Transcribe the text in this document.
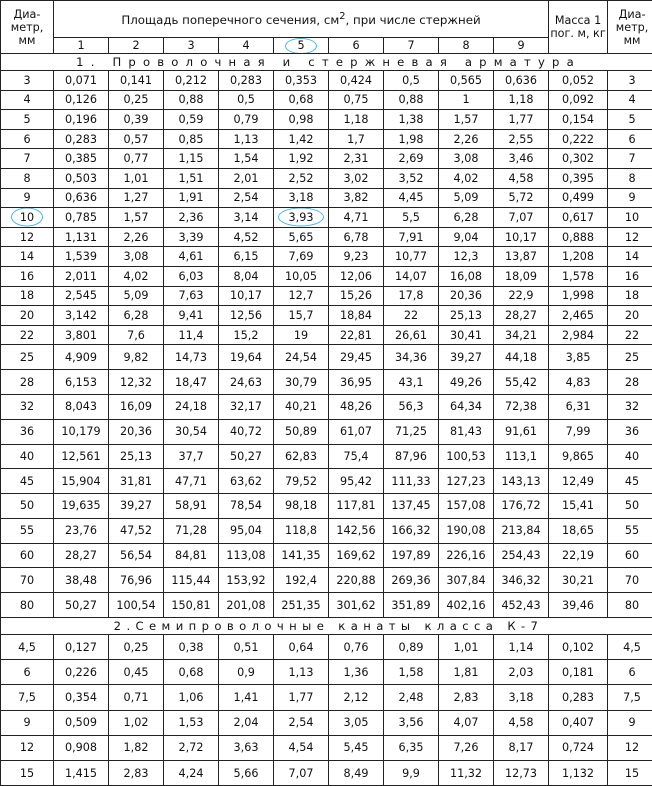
Диа-метр, мм	Площадь поперечного сечения, $см^2$, при числе стержней									Масса 1 пог. м, кг	Диа-метр, мм
	1	2	3	4	5	6	7	8	9		
1. Проволочная и стержневая арматура											
3	0,071	0,141	0,212	0,283	0,353	0,424	0,5	0,565	0,636	0,052	3
4	0,126	0,25	0,88	0,5	0,68	0,75	0,88	1	1,18	0,092	4
5	0,196	0,39	0,59	0,79	0,98	1,18	1,38	1,57	1,77	0,154	5
6	0,283	0,57	0,85	1,13	1,42	1,7	1,98	2,26	2,55	0,222	6
7	0,385	0,77	1,15	1,54	1,92	2,31	2,69	3,08	3,46	0,302	7
8	0,503	1,01	1,51	2,01	2,52	3,02	3,52	4,02	4,58	0,395	8
9	0,636	1,27	1,91	2,54	3,18	3,82	4,45	5,09	5,72	0,499	9
10	0,785	1,57	2,36	3,14	3,93	4,71	5,5	6,28	7,07	0,617	10
12	1,131	2,26	3,39	4,52	5,65	6,78	7,91	9,04	10,17	0,888	12
14	1,539	3,08	4,61	6,15	7,69	9,23	10,77	12,3	13,87	1,208	14
16	2,011	4,02	6,03	8,04	10,05	12,06	14,07	16,08	18,09	1,578	16
18	2,545	5,09	7,63	10,17	12,7	15,26	17,8	20,36	22,9	1,998	18
20	3,142	6,28	9,41	12,56	15,7	18,84	22	25,13	28,27	2,465	20
22	3,801	7,6	11,4	15,2	19	22,81	26,61	30,41	34,21	2,984	22
25	4,909	9,82	14,73	19,64	24,54	29,45	34,36	39,27	44,18	3,85	25
28	6,153	12,32	18,47	24,63	30,79	36,95	43,1	49,26	55,42	4,83	28
32	8,043	16,09	24,18	32,17	40,21	48,26	56,3	64,34	72,38	6,31	32
36	10,179	20,36	30,54	40,72	50,89	61,07	71,25	81,43	91,61	7,99	36
40	12,561	25,13	37,7	50,27	62,83	75,4	87,96	100,53	113,1	9,865	40
45	15,904	31,81	47,71	63,62	79,52	95,42	111,33	127,23	143,13	12,49	45
50	19,635	39,27	58,91	78,54	98,18	117,81	137,45	157,08	176,72	15,41	50
55	23,76	47,52	71,28	95,04	118,8	142,56	166,32	190,08	213,84	18,65	55
60	28,27	56,54	84,81	113,08	141,35	169,62	197,89	226,16	254,43	22,19	60
70	38,48	76,96	115,44	153,92	192,4	220,88	269,36	307,84	346,32	30,21	70
80	50,27	100,54	150,81	201,08	251,35	301,62	351,89	402,16	452,43	39,46	80
2.Семипроволочные канаты класса К-7											
4,5	0,127	0,25	0,38	0,51	0,64	0,76	0,89	1,01	1,14	0,102	4,5
6	0,226	0,45	0,68	0,9	1,13	1,36	1,58	1,81	2,03	0,181	6
7,5	0,354	0,71	1,06	1,41	1,77	2,12	2,48	2,83	3,18	0,283	7,5
9	0,509	1,02	1,53	2,04	2,54	3,05	3,56	4,07	4,58	0,407	9
12	0,908	1,82	2,72	3,63	4,54	5,45	6,35	7,26	8,17	0,724	12
15	1,415	2,83	4,24	5,66	7,07	8,49	9,9	11,32	12,73	1,132	15
